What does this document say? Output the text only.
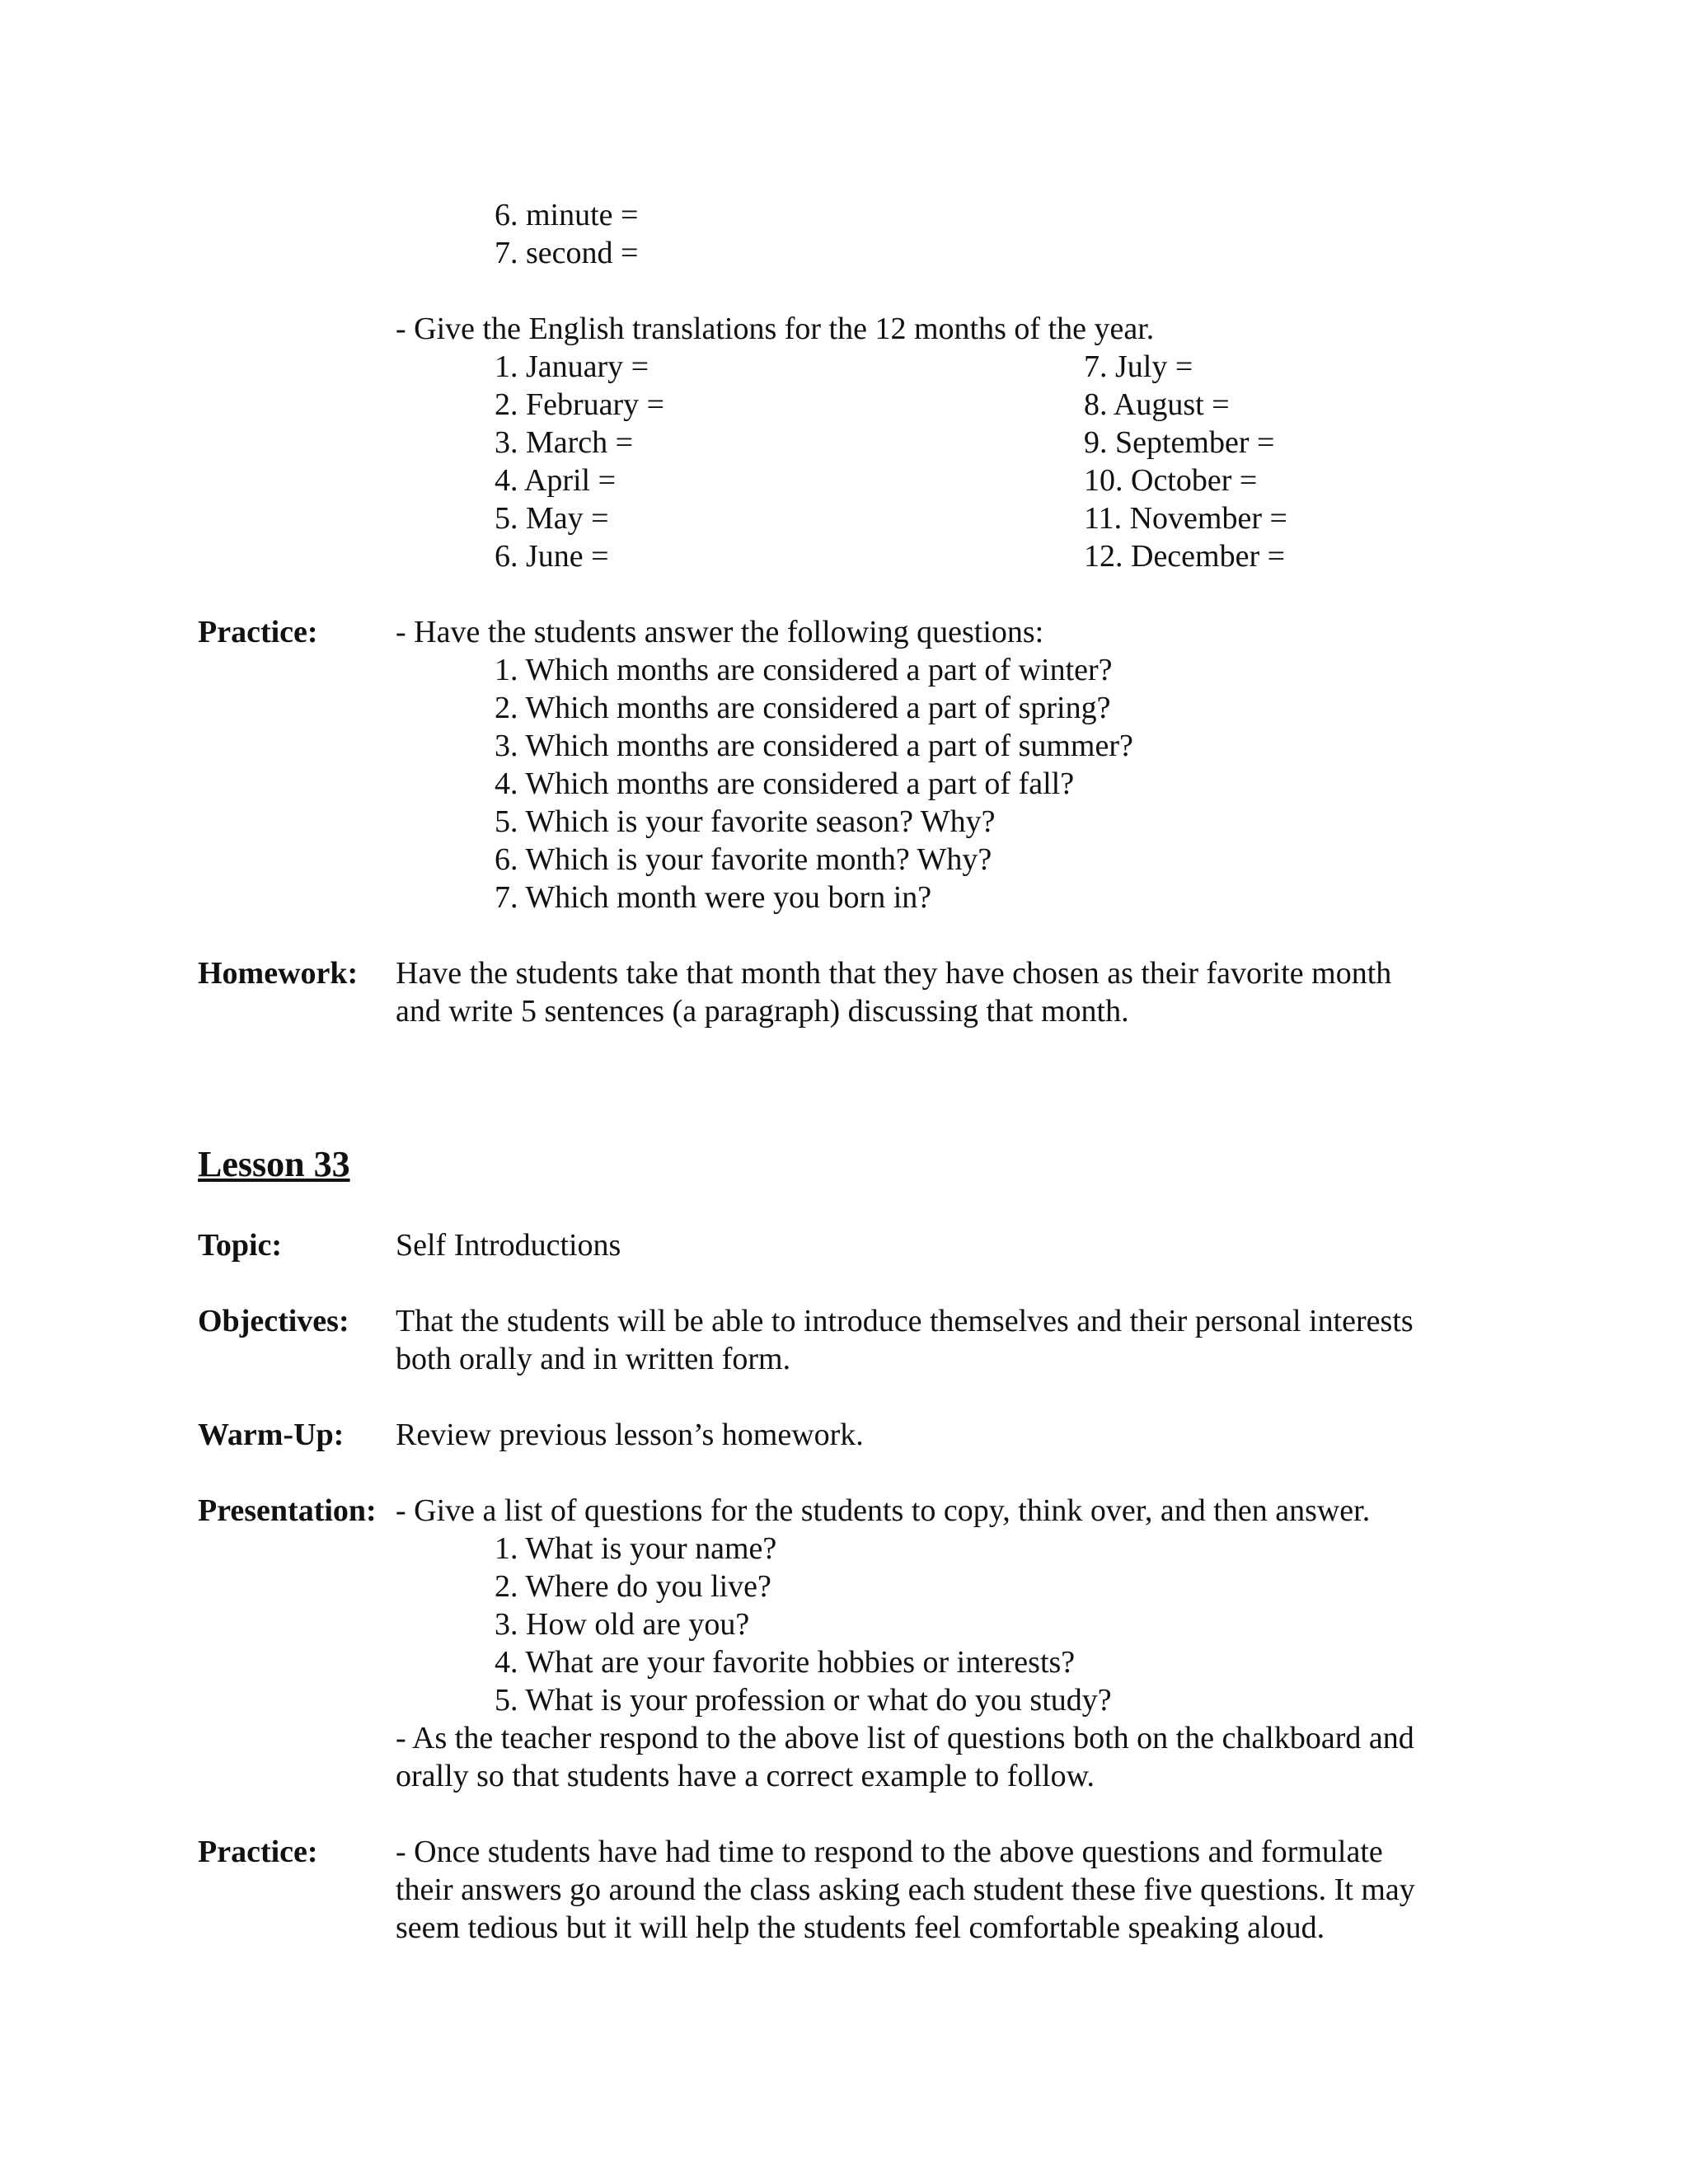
6. minute =
7. second =
- Give the English translations for the 12 months of the year.
1. January =
2. February =
3. March =
4. April =
5. May =
6. June =
7. July =
8. August =
9. September =
10. October =
11. November =
12. December =
Practice: - Have the students answer the following questions:
1. Which months are considered a part of winter?
2. Which months are considered a part of spring?
3. Which months are considered a part of summer?
4. Which months are considered a part of fall?
5. Which is your favorite season? Why?
6. Which is your favorite month? Why?
7. Which month were you born in?
Homework: Have the students take that month that they have chosen as their favorite month
and write 5 sentences (a paragraph) discussing that month.
Lesson 33
Topic:	Self Introductions
Objectives: That the students will be able to introduce themselves and their personal interests
both orally and in written form.
Warm-Up: Review previous lesson’s homework.
Presentation: - Give a list of questions for the students to copy, think over, and then answer.
1. What is your name?
2. Where do you live?
3. How old are you?
4. What are your favorite hobbies or interests?
5. What is your profession or what do you study?
- As the teacher respond to the above list of questions both on the chalkboard and
orally so that students have a correct example to follow.
Practice: - Once students have had time to respond to the above questions and formulate
their answers go around the class asking each student these five questions. It may
seem tedious but it will help the students feel comfortable speaking aloud.
